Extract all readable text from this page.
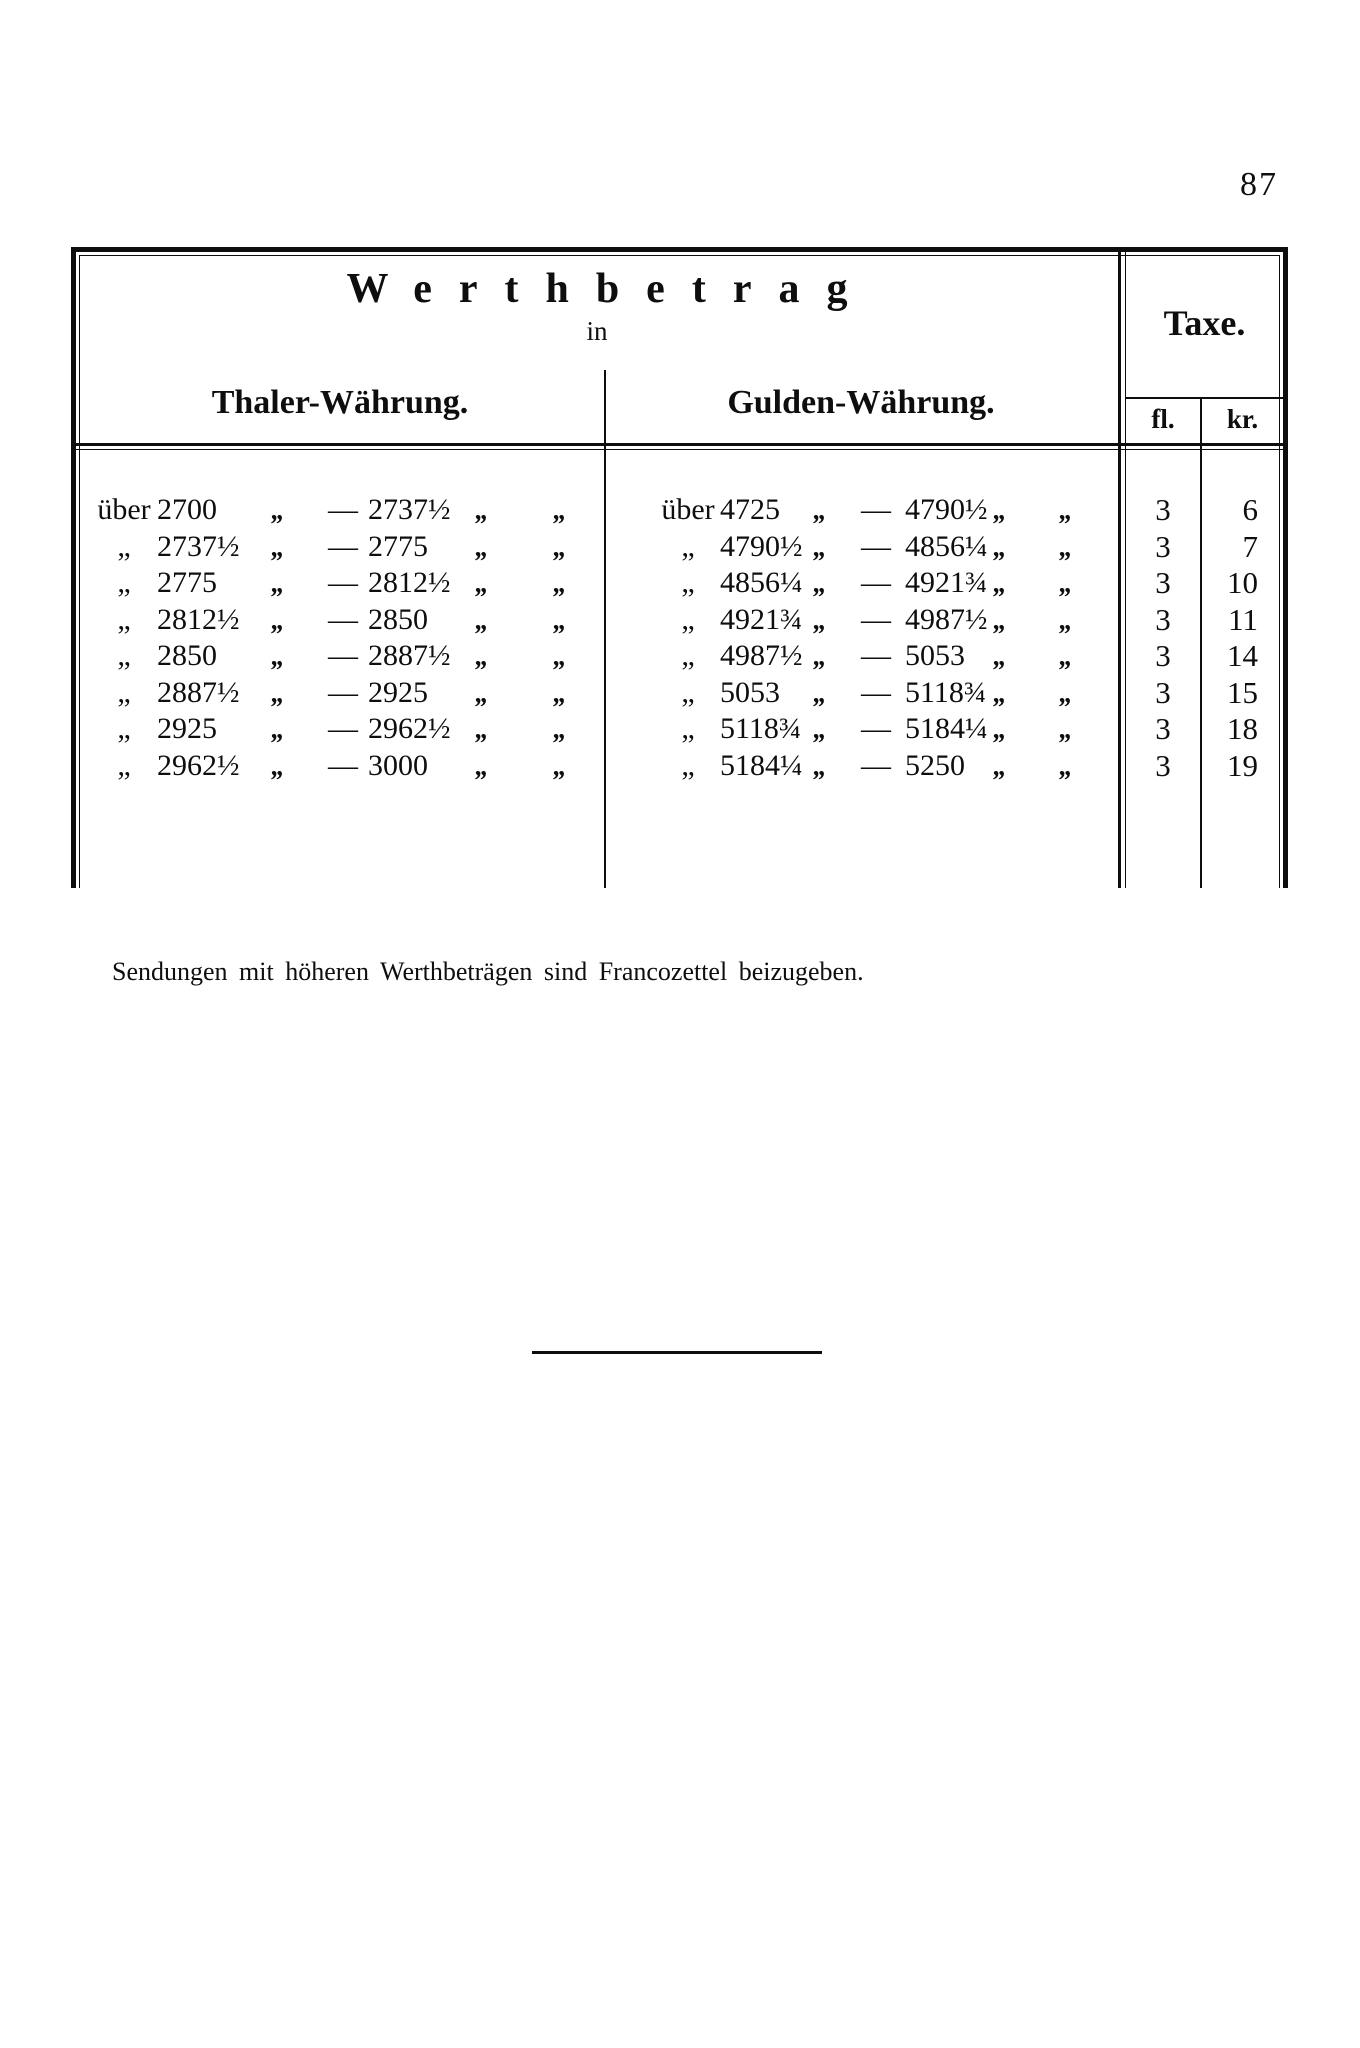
87
Werthbetrag
in
Thaler-Währung.	Gulden-Währung.
Taxe.
fl.	kr.
über 2700	„	— 2737½ „	„	über 4725	„	— 4790½ „	„	3	6
„ 2737½	„	— 2775	„	„	„ 4790½ „	— 4856¼ „	„	3	7
„ 2775	„	— 2812½ „	„	„ 4856¼ „	— 4921¾ „	„	3	10
„ 2812½	„	— 2850	„	„	„ 4921¾ „	— 4987½ „	„	3	11
„ 2850	„	— 2887½ „	„	„ 4987½ „	— 5053	„	„	3	14
„ 2887½	„	— 2925	„	„	„ 5053	„	— 5118¾ „	„	3	15
„ 2925	„	— 2962½ „	„	„ 5118¾ „	— 5184¼ „	„	3	18
„ 2962½	„	— 3000	„	„	„ 5184¼ „	— 5250	„	„	3	19
Sendungen mit höheren Werthbeträgen sind Francozettel beizugeben.
